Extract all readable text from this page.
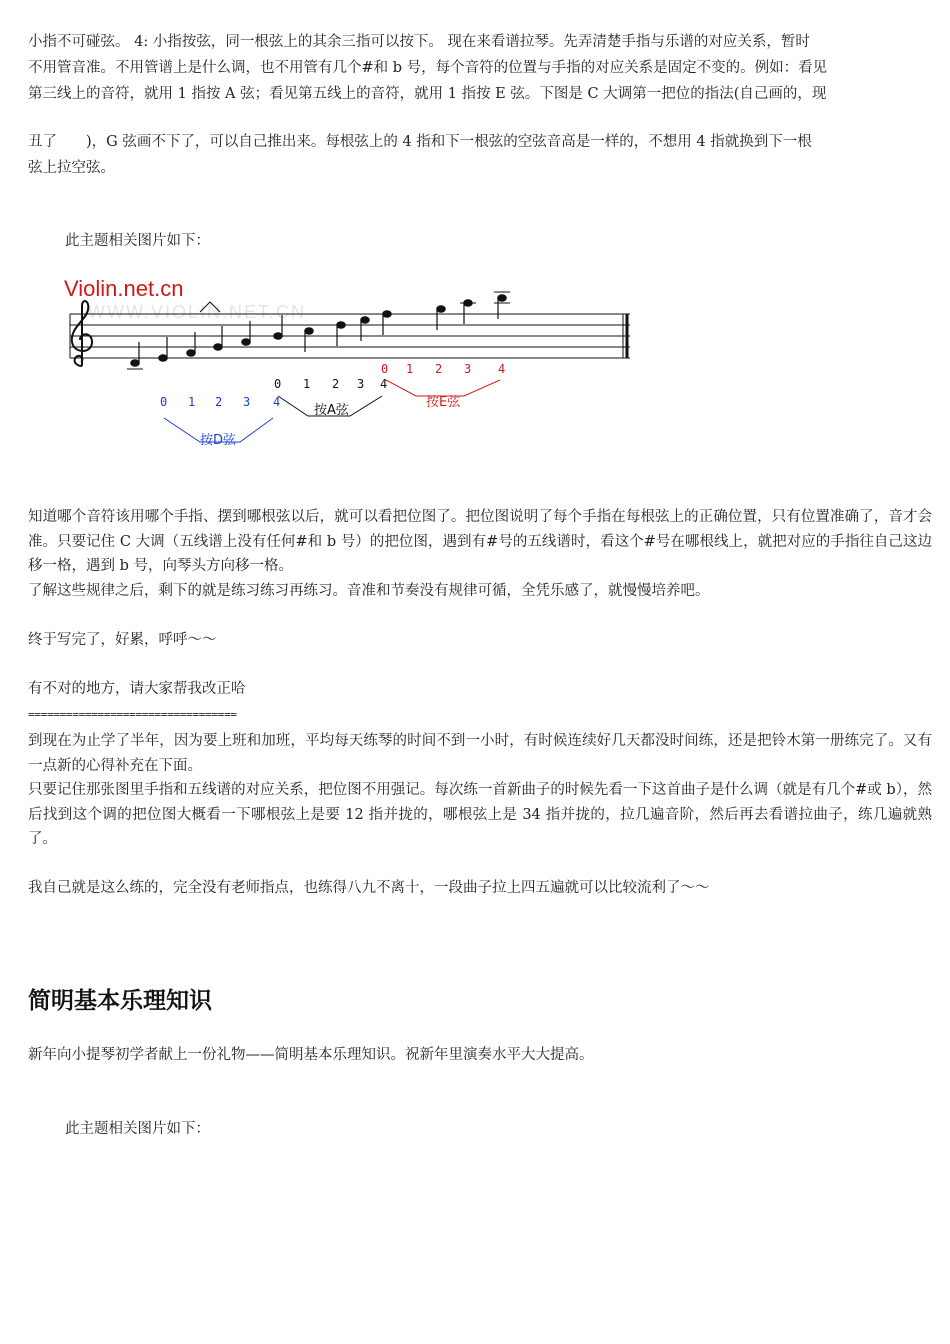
小指不可碰弦。 4: 小指按弦，同一根弦上的其余三指可以按下。 现在来看谱拉琴。先弄清楚手指与乐谱的对应关系，暂时

不用管音准。不用管谱上是什么调，也不用管有几个#和 b 号，每个音符的位置与手指的对应关系是固定不变的。例如：看见

第三线上的音符，就用 1 指按 A 弦；看见第五线上的音符，就用 1 指按 E 弦。下图是 C 大调第一把位的指法(自己画的，现

丑了　　)，G 弦画不下了，可以自己推出来。每根弦上的 4 指和下一根弦的空弦音高是一样的，不想用 4 指就换到下一根

弦上拉空弦。

此主题相关图片如下：

Violin.net.cn
WWW.VIOLIN.NET.CN
0 1 2 3 4
按D弦
0 1 2 3 4
按A弦
0 1 2 3 4
按E弦

知道哪个音符该用哪个手指、摆到哪根弦以后，就可以看把位图了。把位图说明了每个手指在每根弦上的正确位置，只有位置准确了，音才会准。只要记住 C 大调（五线谱上没有任何#和 b 号）的把位图，遇到有#号的五线谱时，看这个#号在哪根线上，就把对应的手指往自己这边移一格，遇到 b 号，向琴头方向移一格。

了解这些规律之后，剩下的就是练习练习再练习。音准和节奏没有规律可循，全凭乐感了，就慢慢培养吧。

终于写完了，好累，呼呼～～

有不对的地方，请大家帮我改正哈

=================================

到现在为止学了半年，因为要上班和加班，平均每天练琴的时间不到一小时，有时候连续好几天都没时间练，还是把铃木第一册练完了。又有一点新的心得补充在下面。

只要记住那张图里手指和五线谱的对应关系，把位图不用强记。每次练一首新曲子的时候先看一下这首曲子是什么调（就是有几个#或 b），然后找到这个调的把位图大概看一下哪根弦上是要 12 指并拢的，哪根弦上是 34 指并拢的，拉几遍音阶，然后再去看谱拉曲子，练几遍就熟了。

我自己就是这么练的，完全没有老师指点，也练得八九不离十，一段曲子拉上四五遍就可以比较流利了～～

简明基本乐理知识

新年向小提琴初学者献上一份礼物——简明基本乐理知识。祝新年里演奏水平大大提高。

此主题相关图片如下：
